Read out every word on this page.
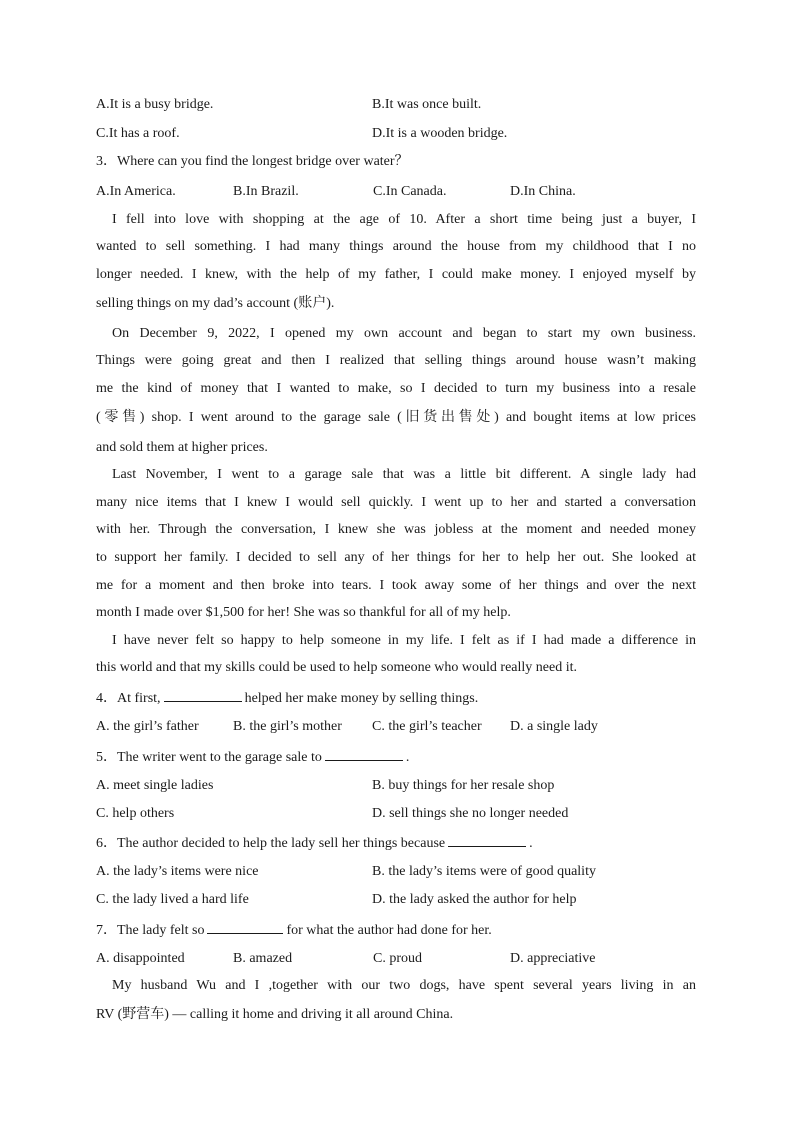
A.It is a busy bridge.	B.It was once built.
C.It has a roof.	D.It is a wooden bridge.
3．Where can you find the longest bridge over water？
A.In America.	B.In Brazil.	C.In Canada.	D.In China.
I fell into love with shopping at the age of 10. After a short time being just a buyer, I
wanted to sell something. I had many things around the house from my childhood that I no
longer needed. I knew, with the help of my father, I could make money. I enjoyed myself by
selling things on my dad’s account (账户).
On December 9, 2022, I opened my own account and began to start my own business.
Things were going great and then I realized that selling things around house wasn’t making
me the kind of money that I wanted to make, so I decided to turn my business into a resale
(零售) shop. I went around to the garage sale (旧货出售处) and bought items at low prices
and sold them at higher prices.
Last November, I went to a garage sale that was a little bit different. A single lady had
many nice items that I knew I would sell quickly. I went up to her and started a conversation
with her. Through the conversation, I knew she was jobless at the moment and needed money
to support her family. I decided to sell any of her things for her to help her out. She looked at
me for a moment and then broke into tears. I took away some of her things and over the next
month I made over $1,500 for her! She was so thankful for all of my help.
I have never felt so happy to help someone in my life. I felt as if I had made a difference in
this world and that my skills could be used to help someone who would really need it.
4．At first,	helped her make money by selling things.
A. the girl’s father B. the girl’s mother C. the girl’s teacher D. a single lady
5．The writer went to the garage sale to	.
A. meet single ladies	B. buy things for her resale shop
C. help others	D. sell things she no longer needed
6．The author decided to help the lady sell her things because	.
A. the lady’s items were nice	B. the lady’s items were of good quality
C. the lady lived a hard life	D. the lady asked the author for help
7．The lady felt so	for what the author had done for her.
A. disappointed	B. amazed	C. proud	D. appreciative
My husband Wu and I ,together with our two dogs, have spent several years living in an
RV (野营车) — calling it home and driving it all around China.
